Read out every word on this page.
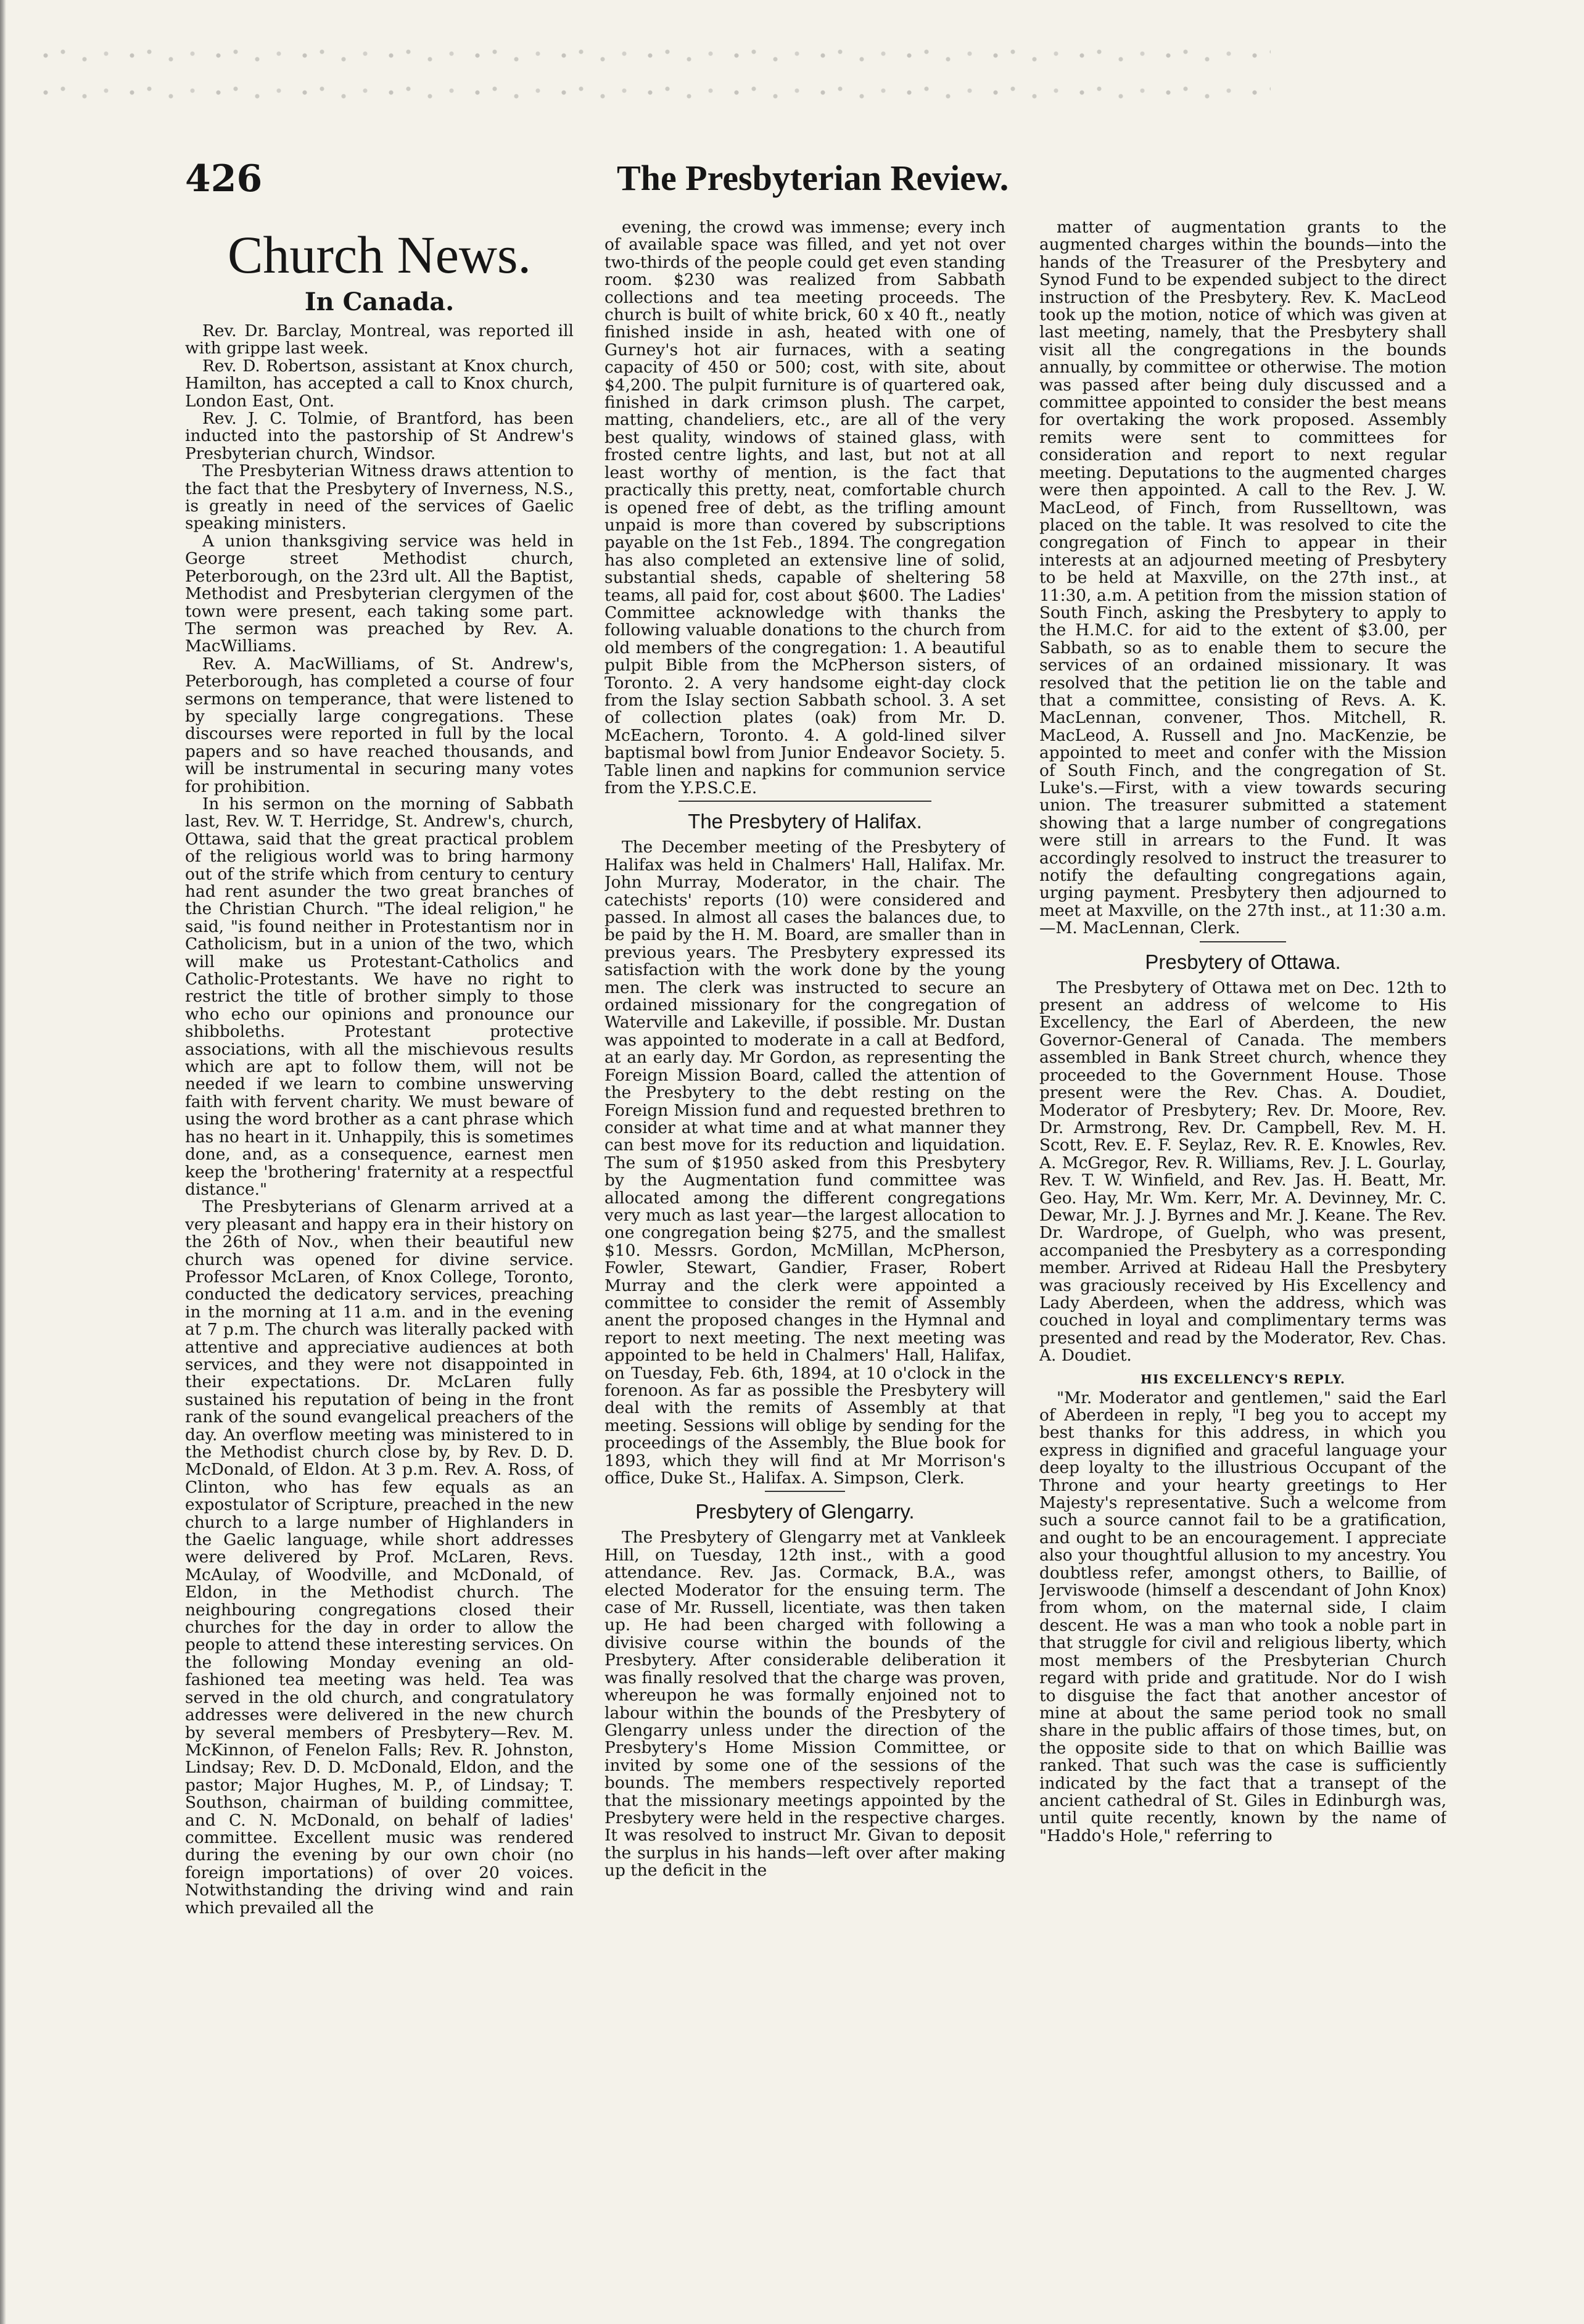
426	The Presbyterian Review.
Church News.
In Canada.

Rev. Dr. Barclay, Montreal, was reported ill with grippe last week.

Rev. D. Robertson, assistant at Knox church, Hamilton, has accepted a call to Knox church, London East, Ont.

Rev. J. C. Tolmie, of Brantford, has been inducted into the pastorship of St Andrew's Presbyterian church, Windsor.

The Presbyterian Witness draws attention to the fact that the Presbytery of Inverness, N.S., is greatly in need of the services of Gaelic speaking ministers.

A union thanksgiving service was held in George street Methodist church, Peterborough, on the 23rd ult. All the Baptist, Methodist and Presbyterian clergymen of the town were present, each taking some part. The sermon was preached by Rev. A. MacWilliams.

Rev. A. MacWilliams, of St. Andrew's, Peterborough, has completed a course of four sermons on temperance, that were listened to by specially large congregations. These discourses were reported in full by the local papers and so have reached thousands, and will be instrumental in securing many votes for prohibition.

In his sermon on the morning of Sabbath last, Rev. W. T. Herridge, St. Andrew's, church, Ottawa, said that the great practical problem of the religious world was to bring harmony out of the strife which from century to century had rent asunder the two great branches of the Christian Church. "The ideal religion," he said, "is found neither in Protestantism nor in Catholicism, but in a union of the two, which will make us Protestant-Catholics and Catholic-Protestants. We have no right to restrict the title of brother simply to those who echo our opinions and pronounce our shibboleths. Protestant protective associations, with all the mischievous results which are apt to follow them, will not be needed if we learn to combine unswerving faith with fervent charity. We must beware of using the word brother as a cant phrase which has no heart in it. Unhappily, this is sometimes done, and, as a consequence, earnest men keep the 'brothering' fraternity at a respectful distance."

The Presbyterians of Glenarm arrived at a very pleasant and happy era in their history on the 26th of Nov., when their beautiful new church was opened for divine service. Professor McLaren, of Knox College, Toronto, conducted the dedicatory services, preaching in the morning at 11 a.m. and in the evening at 7 p.m. The church was literally packed with attentive and appreciative audiences at both services, and they were not disappointed in their expectations. Dr. McLaren fully sustained his reputation of being in the front rank of the sound evangelical preachers of the day. An overflow meeting was ministered to in the Methodist church close by, by Rev. D. D. McDonald, of Eldon. At 3 p.m. Rev. A. Ross, of Clinton, who has few equals as an expostulator of Scripture, preached in the new church to a large number of Highlanders in the Gaelic language, while short addresses were delivered by Prof. McLaren, Revs. McAulay, of Woodville, and McDonald, of Eldon, in the Methodist church. The neighbouring congregations closed their churches for the day in order to allow the people to attend these interesting services. On the following Monday evening an old-fashioned tea meeting was held. Tea was served in the old church, and congratulatory addresses were delivered in the new church by several members of Presbytery—Rev. M. McKinnon, of Fenelon Falls; Rev. R. Johnston, Lindsay; Rev. D. D. McDonald, Eldon, and the pastor; Major Hughes, M. P., of Lindsay; T. Southson, chairman of building committee, and C. N. McDonald, on behalf of ladies' committee. Excellent music was rendered during the evening by our own choir (no foreign importations) of over 20 voices. Notwithstanding the driving wind and rain which prevailed all the

evening, the crowd was immense; every inch of available space was filled, and yet not over two-thirds of the people could get even standing room. $230 was realized from Sabbath collections and tea meeting proceeds. The church is built of white brick, 60 x 40 ft., neatly finished inside in ash, heated with one of Gurney's hot air furnaces, with a seating capacity of 450 or 500; cost, with site, about $4,200. The pulpit furniture is of quartered oak, finished in dark crimson plush. The carpet, matting, chandeliers, etc., are all of the very best quality, windows of stained glass, with frosted centre lights, and last, but not at all least worthy of mention, is the fact that practically this pretty, neat, comfortable church is opened free of debt, as the trifling amount unpaid is more than covered by subscriptions payable on the 1st Feb., 1894. The congregation has also completed an extensive line of solid, substantial sheds, capable of sheltering 58 teams, all paid for, cost about $600. The Ladies' Committee acknowledge with thanks the following valuable donations to the church from old members of the congregation: 1. A beautiful pulpit Bible from the McPherson sisters, of Toronto. 2. A very handsome eight-day clock from the Islay section Sabbath school. 3. A set of collection plates (oak) from Mr. D. McEachern, Toronto. 4. A gold-lined silver baptismal bowl from Junior Endeavor Society. 5. Table linen and napkins for communion service from the Y.P.S.C.E.

The Presbytery of Halifax.

The December meeting of the Presbytery of Halifax was held in Chalmers' Hall, Halifax. Mr. John Murray, Moderator, in the chair. The catechists' reports (10) were considered and passed. In almost all cases the balances due, to be paid by the H. M. Board, are smaller than in previous years. The Presbytery expressed its satisfaction with the work done by the young men. The clerk was instructed to secure an ordained missionary for the congregation of Waterville and Lakeville, if possible. Mr. Dustan was appointed to moderate in a call at Bedford, at an early day. Mr Gordon, as representing the Foreign Mission Board, called the attention of the Presbytery to the debt resting on the Foreign Mission fund and requested brethren to consider at what time and at what manner they can best move for its reduction and liquidation. The sum of $1950 asked from this Presbytery by the Augmentation fund committee was allocated among the different congregations very much as last year—the largest allocation to one congregation being $275, and the smallest $10. Messrs. Gordon, McMillan, McPherson, Fowler, Stewart, Gandier, Fraser, Robert Murray and the clerk were appointed a committee to consider the remit of Assembly anent the proposed changes in the Hymnal and report to next meeting. The next meeting was appointed to be held in Chalmers' Hall, Halifax, on Tuesday, Feb. 6th, 1894, at 10 o'clock in the forenoon. As far as possible the Presbytery will deal with the remits of Assembly at that meeting. Sessions will oblige by sending for the proceedings of the Assembly, the Blue book for 1893, which they will find at Mr Morrison's office, Duke St., Halifax. A. Simpson, Clerk.

Presbytery of Glengarry.

The Presbytery of Glengarry met at Vankleek Hill, on Tuesday, 12th inst., with a good attendance. Rev. Jas. Cormack, B.A., was elected Moderator for the ensuing term. The case of Mr. Russell, licentiate, was then taken up. He had been charged with following a divisive course within the bounds of the Presbytery. After considerable deliberation it was finally resolved that the charge was proven, whereupon he was formally enjoined not to labour within the bounds of the Presbytery of Glengarry unless under the direction of the Presbytery's Home Mission Committee, or invited by some one of the sessions of the bounds. The members respectively reported that the missionary meetings appointed by the Presbytery were held in the respective charges. It was resolved to instruct Mr. Givan to deposit the surplus in his hands—left over after making up the deficit in the

matter of augmentation grants to the augmented charges within the bounds—into the hands of the Treasurer of the Presbytery and Synod Fund to be expended subject to the direct instruction of the Presbytery. Rev. K. MacLeod took up the motion, notice of which was given at last meeting, namely, that the Presbytery shall visit all the congregations in the bounds annually, by committee or otherwise. The motion was passed after being duly discussed and a committee appointed to consider the best means for overtaking the work proposed. Assembly remits were sent to committees for consideration and report to next regular meeting. Deputations to the augmented charges were then appointed. A call to the Rev. J. W. MacLeod, of Finch, from Russelltown, was placed on the table. It was resolved to cite the congregation of Finch to appear in their interests at an adjourned meeting of Presbytery to be held at Maxville, on the 27th inst., at 11:30, a.m. A petition from the mission station of South Finch, asking the Presbytery to apply to the H.M.C. for aid to the extent of $3.00, per Sabbath, so as to enable them to secure the services of an ordained missionary. It was resolved that the petition lie on the table and that a committee, consisting of Revs. A. K. MacLennan, convener, Thos. Mitchell, R. MacLeod, A. Russell and Jno. MacKenzie, be appointed to meet and confer with the Mission of South Finch, and the congregation of St. Luke's.—First, with a view towards securing union. The treasurer submitted a statement showing that a large number of congregations were still in arrears to the Fund. It was accordingly resolved to instruct the treasurer to notify the defaulting congregations again, urging payment. Presbytery then adjourned to meet at Maxville, on the 27th inst., at 11:30 a.m.—M. MacLennan, Clerk.

Presbytery of Ottawa.

The Presbytery of Ottawa met on Dec. 12th to present an address of welcome to His Excellency, the Earl of Aberdeen, the new Governor-General of Canada. The members assembled in Bank Street church, whence they proceeded to the Government House. Those present were the Rev. Chas. A. Doudiet, Moderator of Presbytery; Rev. Dr. Moore, Rev. Dr. Armstrong, Rev. Dr. Campbell, Rev. M. H. Scott, Rev. E. F. Seylaz, Rev. R. E. Knowles, Rev. A. McGregor, Rev. R. Williams, Rev. J. L. Gourlay, Rev. T. W. Winfield, and Rev. Jas. H. Beatt, Mr. Geo. Hay, Mr. Wm. Kerr, Mr. A. Devinney, Mr. C. Dewar, Mr. J. J. Byrnes and Mr. J. Keane. The Rev. Dr. Wardrope, of Guelph, who was present, accompanied the Presbytery as a corresponding member. Arrived at Rideau Hall the Presbytery was graciously received by His Excellency and Lady Aberdeen, when the address, which was couched in loyal and complimentary terms was presented and read by the Moderator, Rev. Chas. A. Doudiet.

HIS EXCELLENCY'S REPLY.

"Mr. Moderator and gentlemen," said the Earl of Aberdeen in reply, "I beg you to accept my best thanks for this address, in which you express in dignified and graceful language your deep loyalty to the illustrious Occupant of the Throne and your hearty greetings to Her Majesty's representative. Such a welcome from such a source cannot fail to be a gratification, and ought to be an encouragement. I appreciate also your thoughtful allusion to my ancestry. You doubtless refer, amongst others, to Baillie, of Jerviswoode (himself a descendant of John Knox) from whom, on the maternal side, I claim descent. He was a man who took a noble part in that struggle for civil and religious liberty, which most members of the Presbyterian Church regard with pride and gratitude. Nor do I wish to disguise the fact that another ancestor of mine at about the same period took no small share in the public affairs of those times, but, on the opposite side to that on which Baillie was ranked. That such was the case is sufficiently indicated by the fact that a transept of the ancient cathedral of St. Giles in Edinburgh was, until quite recently, known by the name of "Haddo's Hole," referring to
